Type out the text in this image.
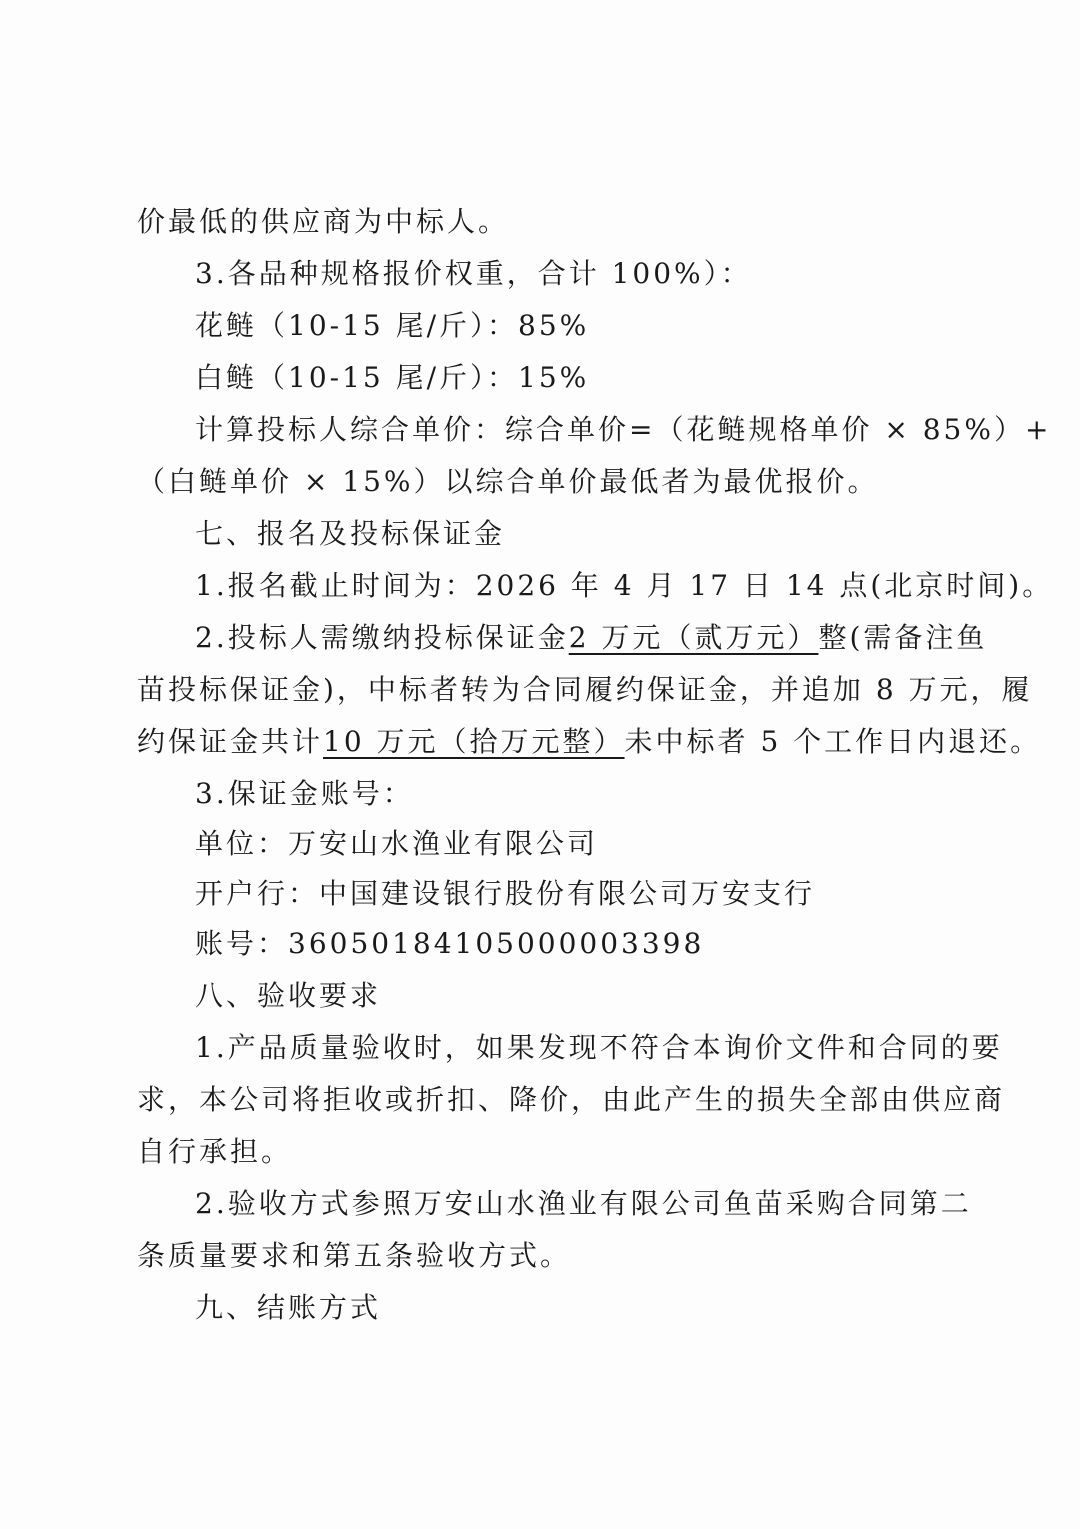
价最低的供应商为中标人。
3.各品种规格报价权重，合计 100%）：
花鲢（10-15 尾/斤）：85%
白鲢（10-15 尾/斤）：15%
计算投标人综合单价：综合单价=（花鲢规格单价 × 85%）+
（白鲢单价 × 15%）以综合单价最低者为最优报价。
七、报名及投标保证金
1.报名截止时间为：2026 年 4 月 17 日 14 点(北京时间)。
2.投标人需缴纳投标保证金2 万元（贰万元）整(需备注鱼
苗投标保证金)，中标者转为合同履约保证金，并追加 8 万元，履
约保证金共计10 万元（拾万元整）未中标者 5 个工作日内退还。
3.保证金账号：
单位：万安山水渔业有限公司
开户行：中国建设银行股份有限公司万安支行
账号：36050184105000003398
八、验收要求
1.产品质量验收时，如果发现不符合本询价文件和合同的要
求，本公司将拒收或折扣、降价，由此产生的损失全部由供应商
自行承担。
2.验收方式参照万安山水渔业有限公司鱼苗采购合同第二
条质量要求和第五条验收方式。
九、结账方式
